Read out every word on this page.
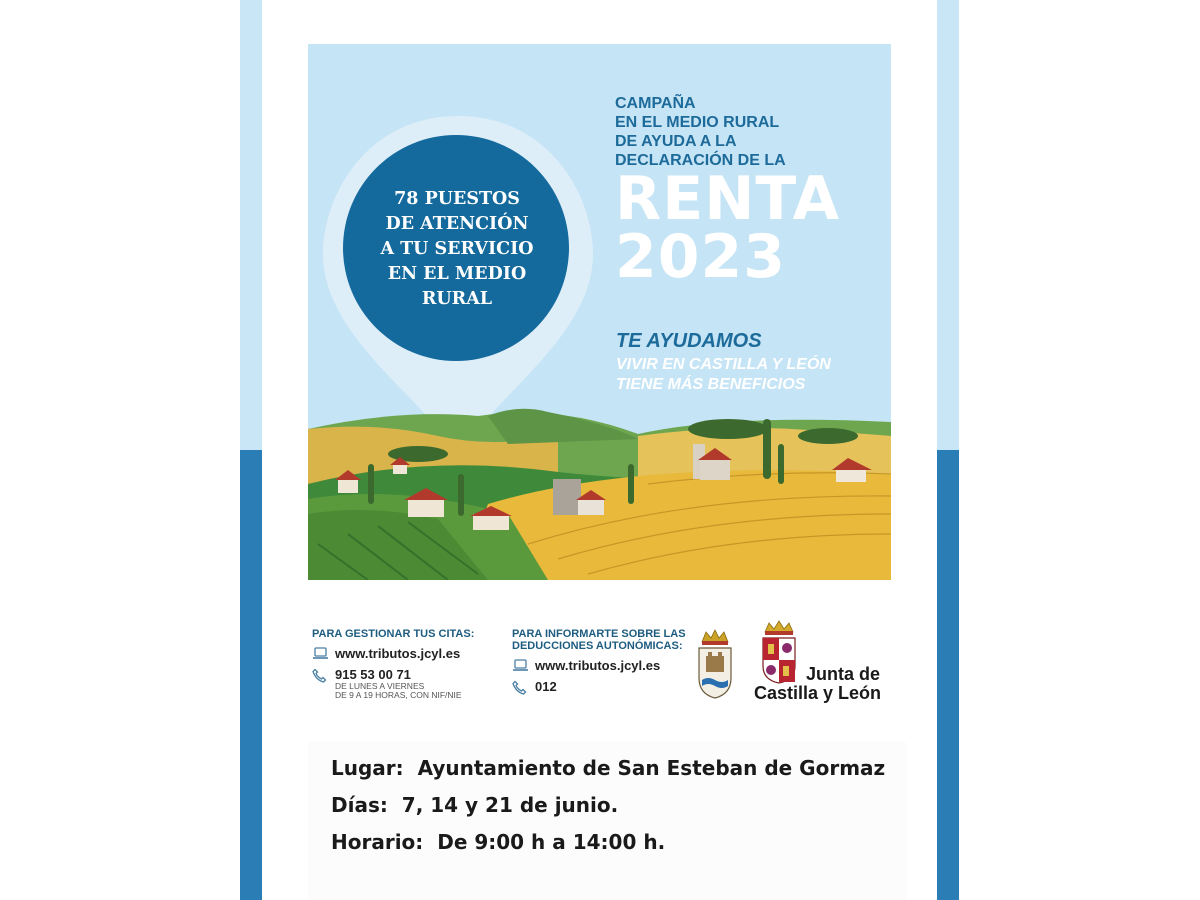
CAMPAÑA
EN EL MEDIO RURAL
DE AYUDA A LA
DECLARACIÓN DE LA
RENTA
2023
TE AYUDAMOS
VIVIR EN CASTILLA Y LEÓN
TIENE MÁS BENEFICIOS
78 PUESTOS
DE ATENCIÓN
A TU SERVICIO
EN EL MEDIO
RURAL
PARA GESTIONAR TUS CITAS:
www.tributos.jcyl.es
915 53 00 71
DE LUNES A VIERNES
DE 9 A 19 HORAS, CON NIF/NIE
PARA INFORMARTE SOBRE LAS
DEDUCCIONES AUTONÓMICAS:
www.tributos.jcyl.es
012
Junta de
Castilla y León
Lugar:  Ayuntamiento de San Esteban de Gormaz
Días:  7, 14 y 21 de junio.
Horario:  De 9:00 h a 14:00 h.
